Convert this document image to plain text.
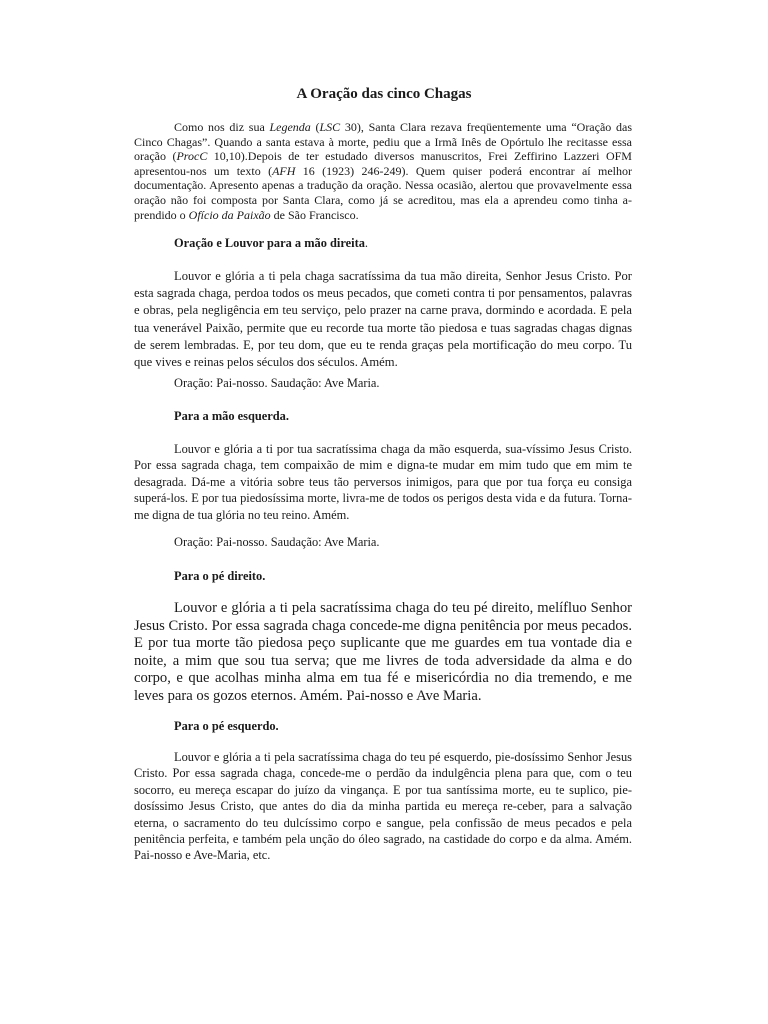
A Oração das cinco Chagas

Como nos diz sua Legenda (LSC 30), Santa Clara rezava freqüentemente uma “Oração das Cinco Chagas”. Quando a santa estava à morte, pediu que a Irmã Inês de Opórtulo lhe recitasse essa oração (ProcC 10,10).Depois de ter estudado diversos manuscritos, Frei Zeffirino Lazzeri OFM apresentou-nos um texto (AFH 16 (1923) 246-249). Quem quiser poderá encontrar aí melhor documentação. Apresento apenas a tradução da oração. Nessa ocasião, alertou que provavelmente essa oração não foi composta por Santa Clara, como já se acreditou, mas ela a aprendeu como tinha a-prendido o Ofício da Paixão de São Francisco.

Oração e Louvor para a mão direita.

Louvor e glória a ti pela chaga sacratíssima da tua mão direita, Senhor Jesus Cristo. Por esta sagrada chaga, perdoa todos os meus pecados, que cometi contra ti por pensamentos, palavras e obras, pela negligência em teu serviço, pelo prazer na carne prava, dormindo e acordada. E pela tua venerável Paixão, permite que eu recorde tua morte tão piedosa e tuas sagradas chagas dignas de serem lembradas. E, por teu dom, que eu te renda graças pela mortificação do meu corpo. Tu que vives e reinas pelos séculos dos séculos. Amém.

Oração: Pai-nosso. Saudação: Ave Maria.

Para a mão esquerda.

Louvor e glória a ti por tua sacratíssima chaga da mão esquerda, sua-víssimo Jesus Cristo. Por essa sagrada chaga, tem compaixão de mim e digna-te mudar em mim tudo que em mim te desagrada. Dá-me a vitória sobre teus tão perversos inimigos, para que por tua força eu consiga superá-los. E por tua piedosíssima morte, livra-me de todos os perigos desta vida e da futura. Torna-me digna de tua glória no teu reino. Amém.

Oração: Pai-nosso. Saudação: Ave Maria.

Para o pé direito.

Louvor e glória a ti pela sacratíssima chaga do teu pé direito, melífluo Senhor Jesus Cristo. Por essa sagrada chaga concede-me digna penitência por meus pecados. E por tua morte tão piedosa peço suplicante que me guardes em tua vontade dia e noite, a mim que sou tua serva; que me livres de toda adversidade da alma e do corpo, e que acolhas minha alma em tua fé e misericórdia no dia tremendo, e me leves para os gozos eternos. Amém. Pai-nosso e Ave Maria.

Para o pé esquerdo.

Louvor e glória a ti pela sacratíssima chaga do teu pé esquerdo, pie-dosíssimo Senhor Jesus Cristo. Por essa sagrada chaga, concede-me o perdão da indulgência plena para que, com o teu socorro, eu mereça escapar do juízo da vingança. E por tua santíssima morte, eu te suplico, pie-dosíssimo Jesus Cristo, que antes do dia da minha partida eu mereça re-ceber, para a salvação eterna, o sacramento do teu dulcíssimo corpo e sangue, pela confissão de meus pecados e pela penitência perfeita, e também pela unção do óleo sagrado, na castidade do corpo e da alma. Amém. Pai-nosso e Ave-Maria, etc.
